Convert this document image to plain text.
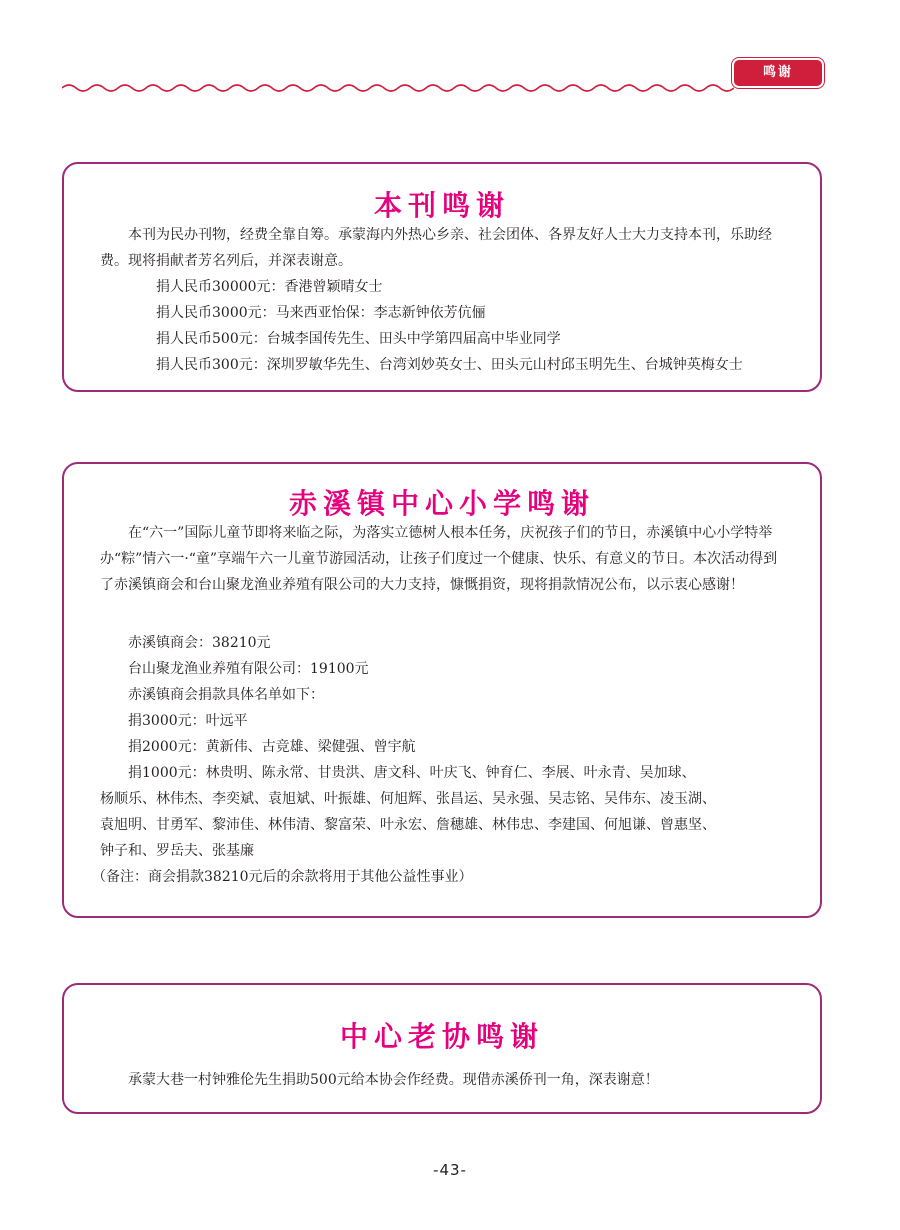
鸣谢
本刊鸣谢
本刊为民办刊物，经费全靠自筹。承蒙海内外热心乡亲、社会团体、各界友好人士大力支持本刊，乐助经费。现将捐献者芳名列后，并深表谢意。
捐人民币30000元：香港曾颖晴女士
捐人民币3000元：马来西亚怡保：李志新钟依芳伉俪
捐人民币500元：台城李国传先生、田头中学第四届高中毕业同学
捐人民币300元：深圳罗敏华先生、台湾刘妙英女士、田头元山村邱玉明先生、台城钟英梅女士
赤溪镇中心小学鸣谢
在“六一”国际儿童节即将来临之际，为落实立德树人根本任务，庆祝孩子们的节日，赤溪镇中心小学特举办“粽”情六一·“童”享端午六一儿童节游园活动，让孩子们度过一个健康、快乐、有意义的节日。本次活动得到了赤溪镇商会和台山聚龙渔业养殖有限公司的大力支持，慷慨捐资，现将捐款情况公布，以示衷心感谢！
赤溪镇商会：38210元
台山聚龙渔业养殖有限公司：19100元
赤溪镇商会捐款具体名单如下：
捐3000元：叶远平
捐2000元：黄新伟、古竞雄、梁健强、曾宇航
捐1000元：林贵明、陈永常、甘贵洪、唐文科、叶庆飞、钟育仁、李展、叶永青、吴加球、
杨顺乐、林伟杰、李奕斌、袁旭斌、叶振雄、何旭辉、张昌运、吴永强、吴志铭、吴伟东、凌玉湖、
袁旭明、甘勇军、黎沛佳、林伟清、黎富荣、叶永宏、詹穗雄、林伟忠、李建国、何旭谦、曾惠坚、
钟子和、罗岳夫、张基廉
（备注：商会捐款38210元后的余款将用于其他公益性事业）
中心老协鸣谢
承蒙大巷一村钟雅伦先生捐助500元给本协会作经费。现借赤溪侨刊一角，深表谢意！
-43-
